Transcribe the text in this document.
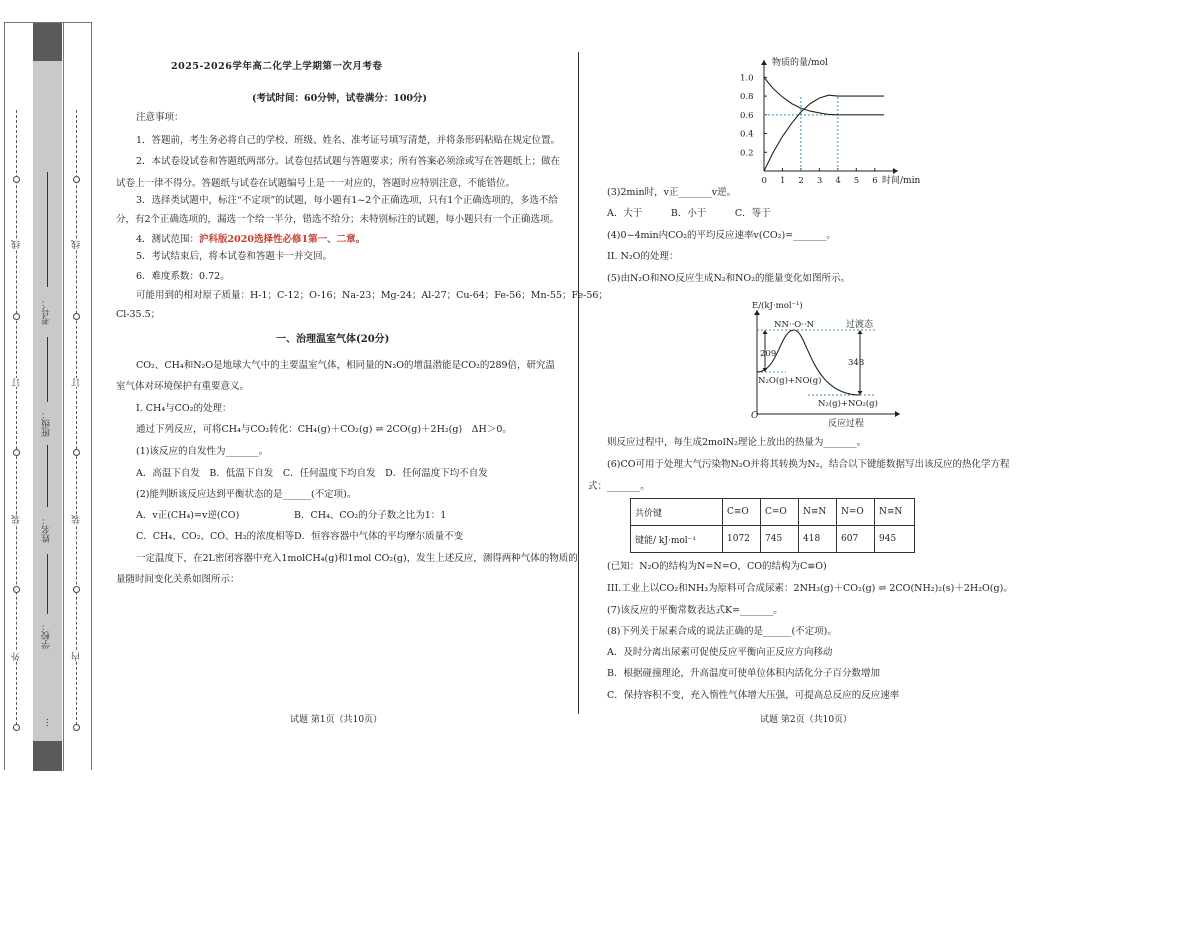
线
订
装
外
线
订
装
内
考号：
班级：
姓名：
学校：
…
2025-2026学年高二化学上学期第一次月考卷
(考试时间：60分钟，试卷满分：100分)
注意事项：
1．答题前，考生务必将自己的学校、班级、姓名、准考证号填写清楚，并将条形码粘贴在规定位置。
2．本试卷设试卷和答题纸两部分。试卷包括试题与答题要求；所有答案必须涂或写在答题纸上；做在
试卷上一律不得分。答题纸与试卷在试题编号上是一一对应的，答题时应特别注意，不能错位。
3．选择类试题中，标注“不定项”的试题，每小题有1~2个正确选项，只有1个正确选项的，多选不给
分，有2个正确选项的，漏选一个给一半分，错选不给分；未特别标注的试题，每小题只有一个正确选项。
4．测试范围：沪科版2020选择性必修1第一、二章。
5．考试结束后，将本试卷和答题卡一并交回。
6．难度系数：0.72。
可能用到的相对原子质量：H-1；C-12；O-16；Na-23；Mg-24；Al-27；Cu-64；Fe-56；Mn-55；Fe-56；
Cl-35.5；
一、治理温室气体(20分)
CO₂、CH₄和N₂O是地球大气中的主要温室气体，相同量的N₂O的增温潜能是CO₂的289倍，研究温
室气体对环境保护有重要意义。
I. CH₄与CO₂的处理：
通过下列反应，可将CH₄与CO₂转化：CH₄(g)＋CO₂(g) ⇌ 2CO(g)＋2H₂(g)　ΔH＞0。
(1)该反应的自发性为_______。
A．高温下自发　B．低温下自发　C．任何温度下均自发　D．任何温度下均不自发
(2)能判断该反应达到平衡状态的是______(不定项)。
A．v正(CH₄)=v逆(CO)	B．CH₄、CO₂的分子数之比为1：1
C．CH₄、CO₂、CO、H₂的浓度相等 D．恒容容器中气体的平均摩尔质量不变
一定温度下，在2L密闭容器中充入1molCH₄(g)和1mol CO₂(g)，发生上述反应，测得两种气体的物质的
量随时间变化关系如图所示：
试题 第1页（共10页）
物质的量/mol
时间/min
0 1 2 3 4 5 6
0.2
0.4
0.6
0.8
1.0
(3)2min时，v正_______v逆。
A．大于　　　B．小于　　　C．等于
(4)0~4min内CO₂的平均反应速率v(CO₂)=_______。
II. N₂O的处理：
(5)由N₂O和NO反应生成N₂和NO₂的能量变化如图所示。
E/(kJ·mol⁻¹)
反应过程
O
209
348
NN··O··N	过渡态
N₂O(g)+NO(g)
N₂(g)+NO₂(g)
则反应过程中，每生成2molN₂理论上放出的热量为_______。
(6)CO可用于处理大气污染物N₂O并将其转换为N₂，结合以下键能数据写出该反应的热化学方程
式：_______。
共价键	C≡O	C=O	N≡N	N=O	N≡N
键能/ kJ·mol⁻¹	1072	745	418	607	945
(已知：N₂O的结构为N=N=O，CO的结构为C≡O)
III.工业上以CO₂和NH₃为原料可合成尿素：2NH₃(g)＋CO₂(g) ⇌ 2CO(NH₂)₂(s)＋2H₂O(g)。
(7)该反应的平衡常数表达式K=_______。
(8)下列关于尿素合成的说法正确的是______(不定项)。
A．及时分离出尿素可促使反应平衡向正反应方向移动
B．根据碰撞理论，升高温度可使单位体积内活化分子百分数增加
C．保持容积不变，充入惰性气体增大压强，可提高总反应的反应速率
试题 第2页（共10页）
